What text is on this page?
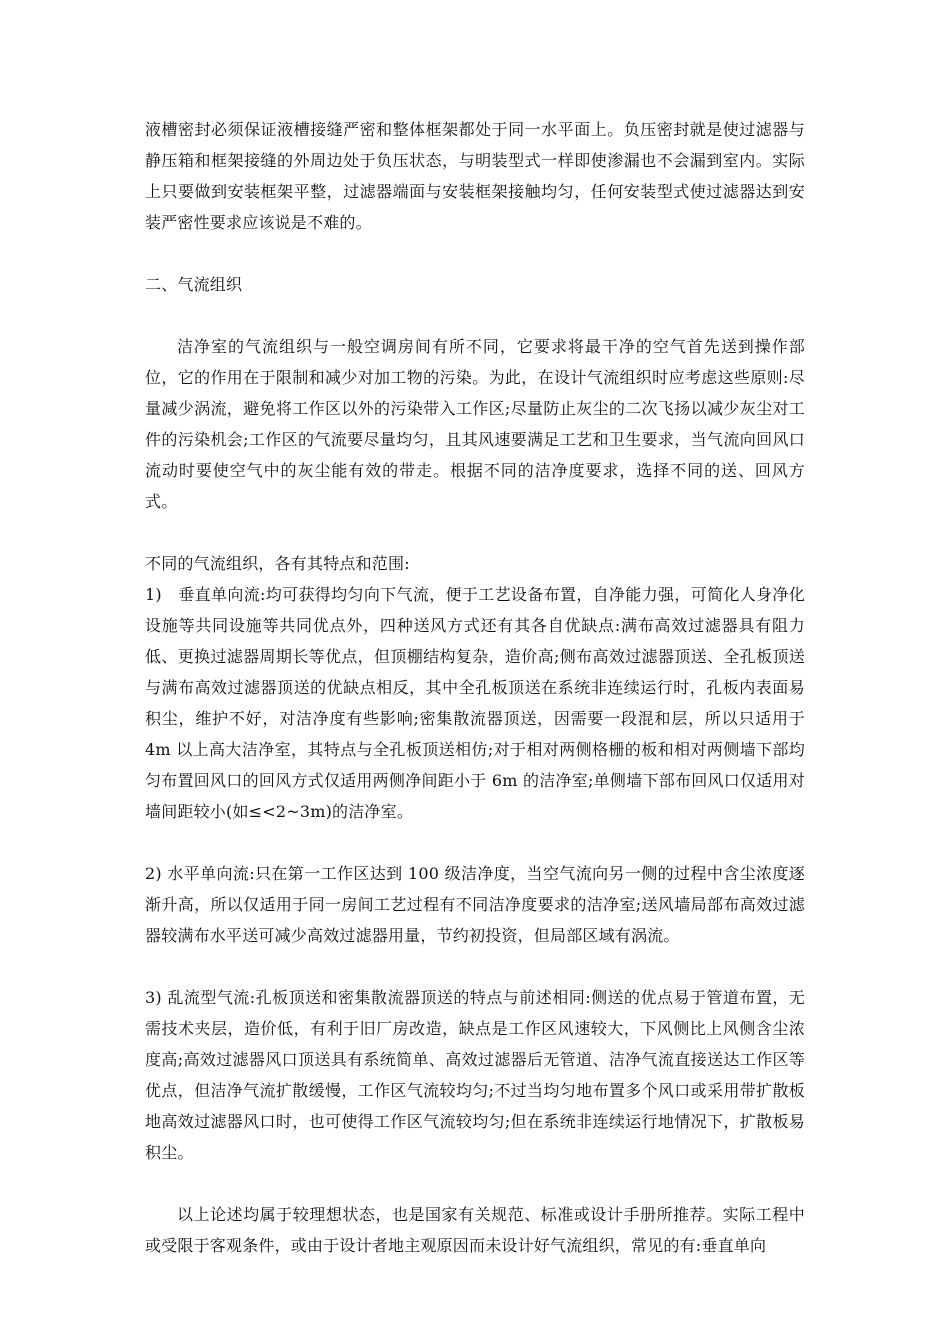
液槽密封必须保证液槽接缝严密和整体框架都处于同一水平面上。负压密封就是使过滤器与静压箱和框架接缝的外周边处于负压状态，与明装型式一样即使渗漏也不会漏到室内。实际上只要做到安装框架平整，过滤器端面与安装框架接触均匀，任何安装型式使过滤器达到安装严密性要求应该说是不难的。

二、气流组织

洁净室的气流组织与一般空调房间有所不同，它要求将最干净的空气首先送到操作部位，它的作用在于限制和减少对加工物的污染。为此，在设计气流组织时应考虑这些原则:尽量减少涡流，避免将工作区以外的污染带入工作区;尽量防止灰尘的二次飞扬以减少灰尘对工件的污染机会;工作区的气流要尽量均匀，且其风速要满足工艺和卫生要求，当气流向回风口流动时要使空气中的灰尘能有效的带走。根据不同的洁净度要求，选择不同的送、回风方式。

不同的气流组织，各有其特点和范围:

1)　垂直单向流:均可获得均匀向下气流，便于工艺设备布置，自净能力强，可简化人身净化设施等共同设施等共同优点外，四种送风方式还有其各自优缺点:满布高效过滤器具有阻力低、更换过滤器周期长等优点，但顶棚结构复杂，造价高;侧布高效过滤器顶送、全孔板顶送与满布高效过滤器顶送的优缺点相反，其中全孔板顶送在系统非连续运行时，孔板内表面易积尘，维护不好，对洁净度有些影响;密集散流器顶送，因需要一段混和层，所以只适用于 4m 以上高大洁净室，其特点与全孔板顶送相仿;对于相对两侧格栅的板和相对两侧墙下部均匀布置回风口的回风方式仅适用两侧净间距小于 6m 的洁净室;单侧墙下部布回风口仅适用对墙间距较小(如≤<2~3m)的洁净室。

2) 水平单向流:只在第一工作区达到 100 级洁净度，当空气流向另一侧的过程中含尘浓度逐渐升高，所以仅适用于同一房间工艺过程有不同洁净度要求的洁净室;送风墙局部布高效过滤器较满布水平送可减少高效过滤器用量，节约初投资，但局部区域有涡流。

3) 乱流型气流:孔板顶送和密集散流器顶送的特点与前述相同:侧送的优点易于管道布置，无需技术夹层，造价低，有利于旧厂房改造，缺点是工作区风速较大，下风侧比上风侧含尘浓度高;高效过滤器风口顶送具有系统简单、高效过滤器后无管道、洁净气流直接送达工作区等优点，但洁净气流扩散缓慢，工作区气流较均匀;不过当均匀地布置多个风口或采用带扩散板地高效过滤器风口时，也可使得工作区气流较均匀;但在系统非连续运行地情况下，扩散板易积尘。

以上论述均属于较理想状态，也是国家有关规范、标准或设计手册所推荐。实际工程中或受限于客观条件，或由于设计者地主观原因而未设计好气流组织，常见的有:垂直单向
